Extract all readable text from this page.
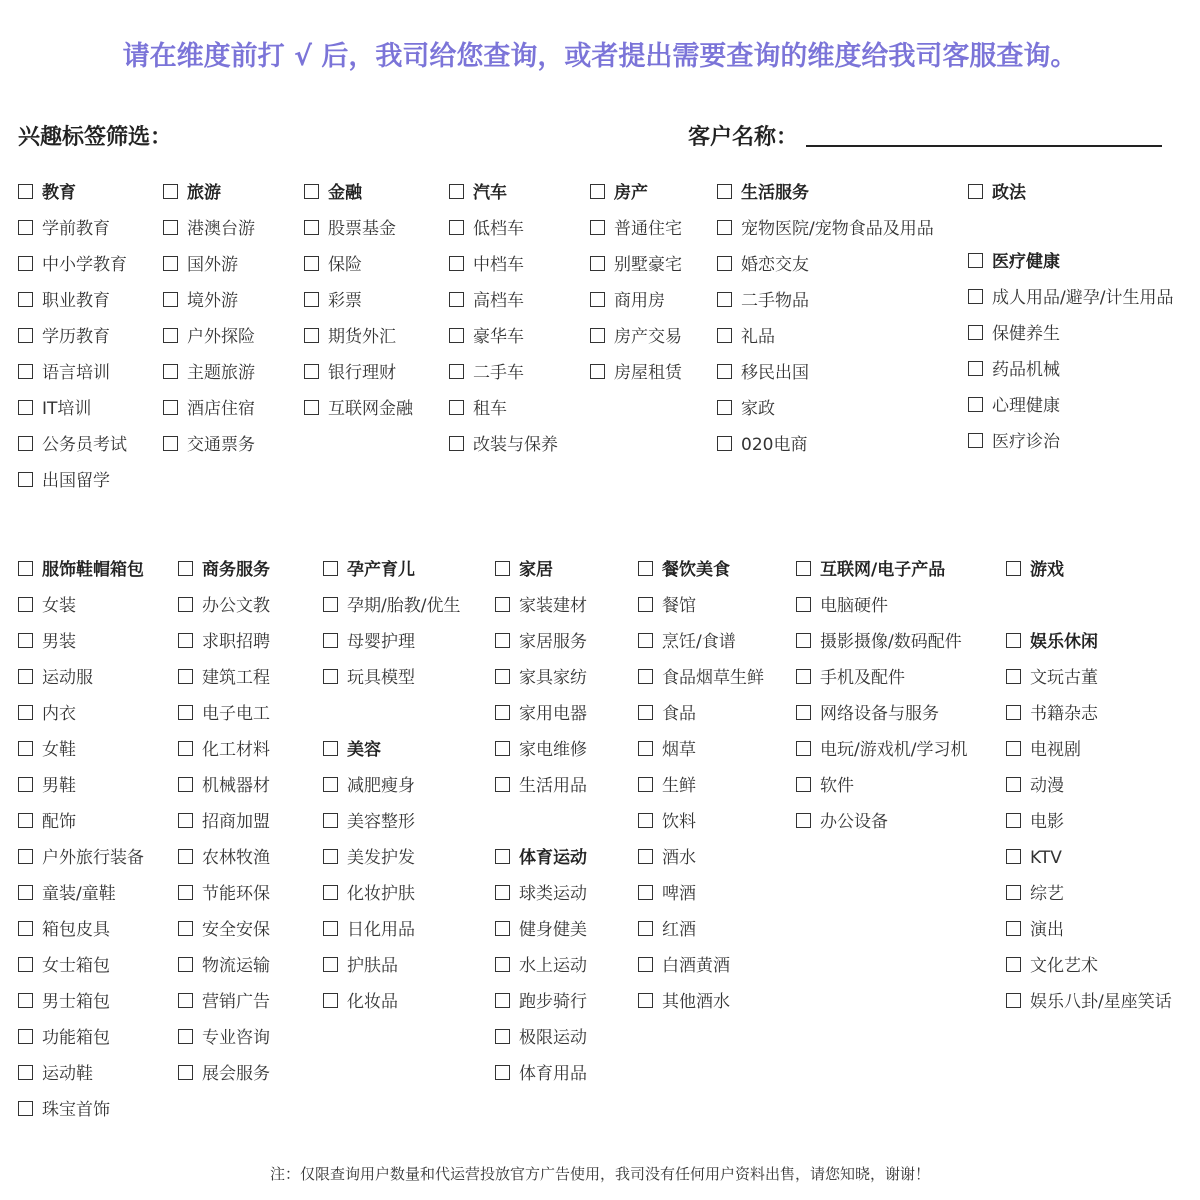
请在维度前打 √ 后，我司给您查询，或者提出需要查询的维度给我司客服查询。
兴趣标签筛选：	客户名称：
教育
学前教育
中小学教育
职业教育
学历教育
语言培训
IT培训
公务员考试
出国留学
旅游
港澳台游
国外游
境外游
户外探险
主题旅游
酒店住宿
交通票务
金融
股票基金
保险
彩票
期货外汇
银行理财
互联网金融
汽车
低档车
中档车
高档车
豪华车
二手车
租车
改装与保养
房产
普通住宅
别墅豪宅
商用房
房产交易
房屋租赁
生活服务
宠物医院/宠物食品及用品
婚恋交友
二手物品
礼品
移民出国
家政
020电商
政法
医疗健康
成人用品/避孕/计生用品
保健养生
药品机械
心理健康
医疗诊治
服饰鞋帽箱包
女装
男装
运动服
内衣
女鞋
男鞋
配饰
户外旅行装备
童装/童鞋
箱包皮具
女士箱包
男士箱包
功能箱包
运动鞋
珠宝首饰
商务服务
办公文教
求职招聘
建筑工程
电子电工
化工材料
机械器材
招商加盟
农林牧渔
节能环保
安全安保
物流运输
营销广告
专业咨询
展会服务
孕产育儿
孕期/胎教/优生
母婴护理
玩具模型
美容
减肥瘦身
美容整形
美发护发
化妆护肤
日化用品
护肤品
化妆品
家居
家装建材
家居服务
家具家纺
家用电器
家电维修
生活用品
体育运动
球类运动
健身健美
水上运动
跑步骑行
极限运动
体育用品
餐饮美食
餐馆
烹饪/食谱
食品烟草生鲜
食品
烟草
生鲜
饮料
酒水
啤酒
红酒
白酒黄酒
其他酒水
互联网/电子产品
电脑硬件
摄影摄像/数码配件
手机及配件
网络设备与服务
电玩/游戏机/学习机
软件
办公设备
游戏
娱乐休闲
文玩古董
书籍杂志
电视剧
动漫
电影
KTV
综艺
演出
文化艺术
娱乐八卦/星座笑话
注：仅限查询用户数量和代运营投放官方广告使用，我司没有任何用户资料出售，请您知晓，谢谢！
